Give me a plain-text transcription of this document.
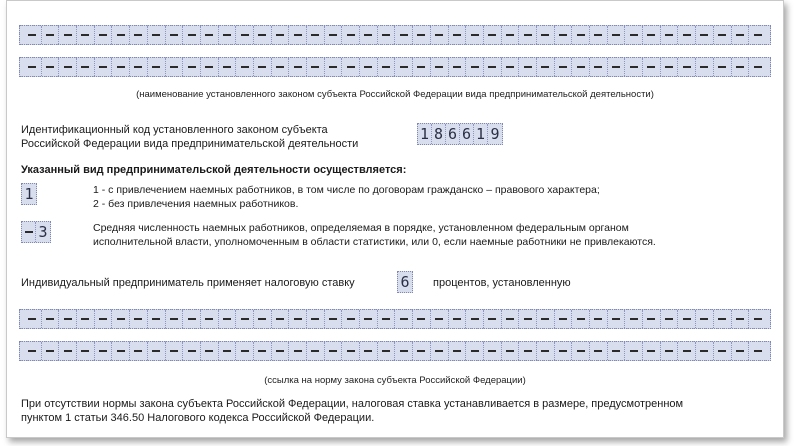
(наименование установленного законом субъекта Российской Федерации вида предпринимательской деятельности)
Идентификационный код установленного законом субъекта
Российской Федерации вида предпринимательской деятельности
1 8 6 6 1 9
Указанный вид предпринимательской деятельности осуществляется:
1	1 - с привлечением наемных работников, в том числе по договорам гражданско – правового характера;
2 - без привлечения наемных работников.
3	Средняя численность наемных работников, определяемая в порядке, установленном федеральным органом
исполнительной власти, уполномоченным в области статистики, или 0, если наемные работники не привлекаются.
Индивидуальный предприниматель применяет налоговую ставку	6 процентов, установленную
(ссылка на норму закона субъекта Российской Федерации)
При отсутствии нормы закона субъекта Российской Федерации, налоговая ставка устанавливается в размере, предусмотренном
пунктом 1 статьи 346.50 Налогового кодекса Российской Федерации.
